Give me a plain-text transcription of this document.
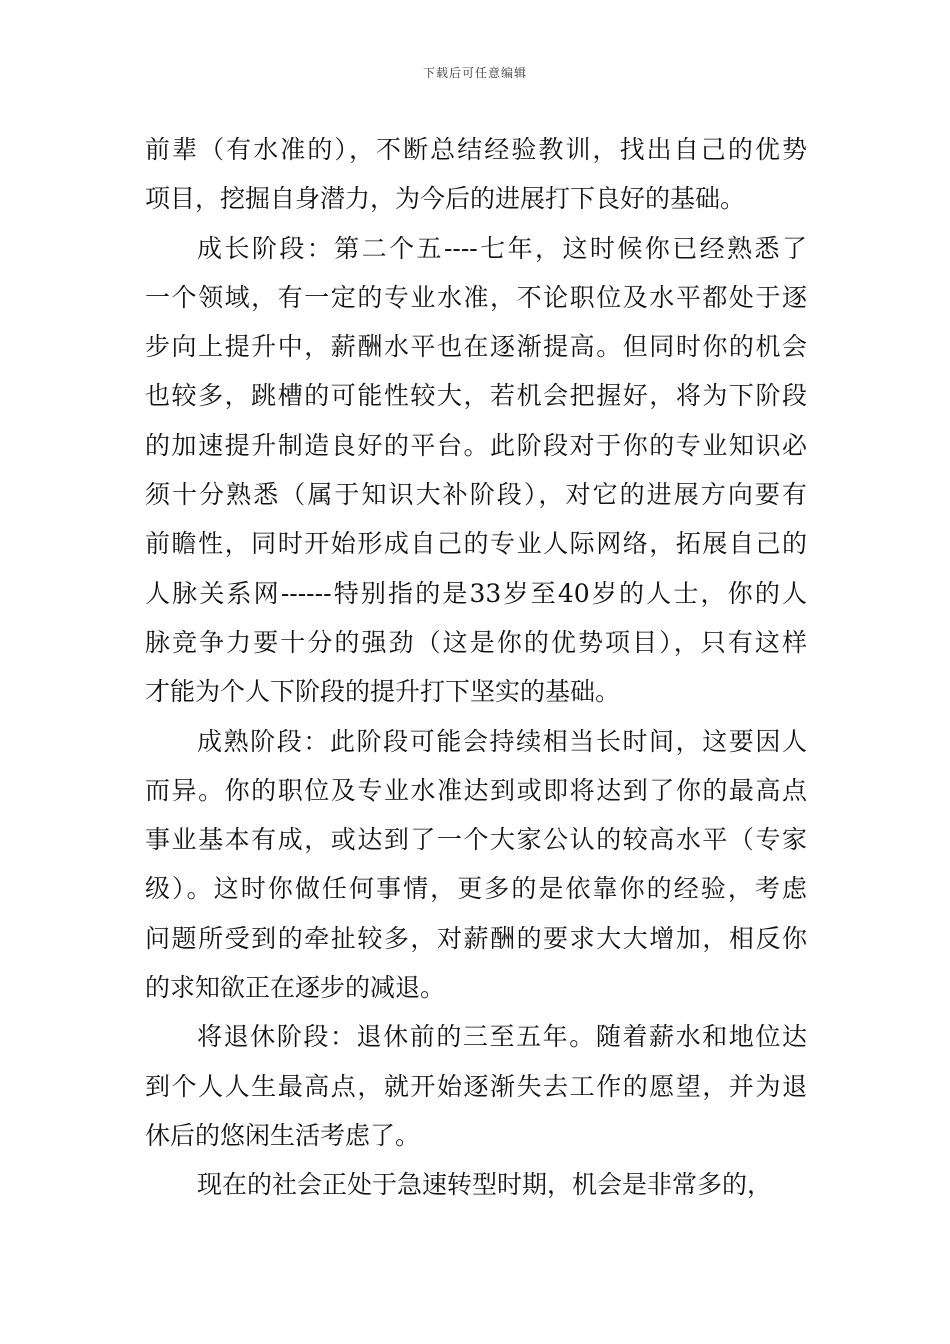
下载后可任意编辑
前辈（有水准的），不断总结经验教训，找出自己的优势
项目，挖掘自身潜力，为今后的进展打下良好的基础。
成长阶段：第二个五----七年，这时候你已经熟悉了
一个领域，有一定的专业水准，不论职位及水平都处于逐
步向上提升中，薪酬水平也在逐渐提高。但同时你的机会
也较多，跳槽的可能性较大，若机会把握好，将为下阶段
的加速提升制造良好的平台。此阶段对于你的专业知识必
须十分熟悉（属于知识大补阶段），对它的进展方向要有
前瞻性，同时开始形成自己的专业人际网络，拓展自己的
人脉关系网------特别指的是33岁至40岁的人士，你的人
脉竞争力要十分的强劲（这是你的优势项目），只有这样
才能为个人下阶段的提升打下坚实的基础。
成熟阶段：此阶段可能会持续相当长时间，这要因人
而异。你的职位及专业水准达到或即将达到了你的最高点
事业基本有成，或达到了一个大家公认的较高水平（专家
级）。这时你做任何事情，更多的是依靠你的经验，考虑
问题所受到的牵扯较多，对薪酬的要求大大增加，相反你
的求知欲正在逐步的减退。
将退休阶段：退休前的三至五年。随着薪水和地位达
到个人人生最高点，就开始逐渐失去工作的愿望，并为退
休后的悠闲生活考虑了。
现在的社会正处于急速转型时期，机会是非常多的，
